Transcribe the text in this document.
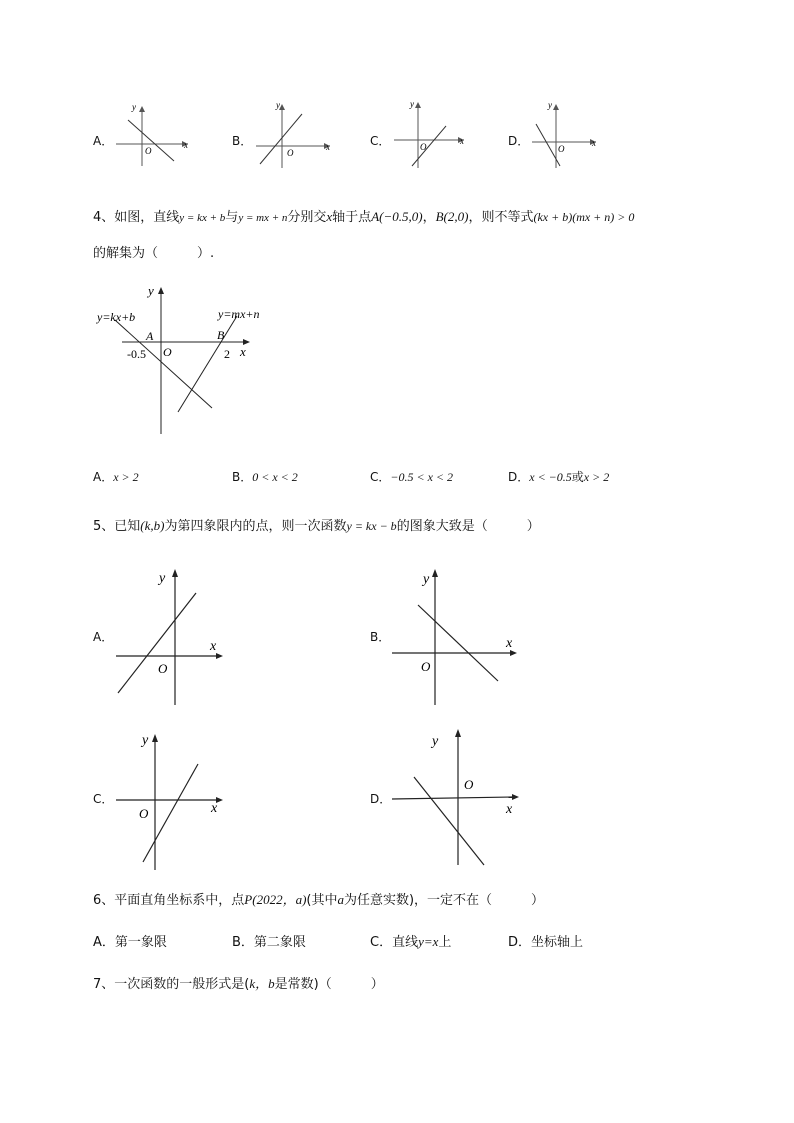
A．
y
x
O
B．
y
x
O
C．
y
x
O	D．
y
x
O
4、如图，直线y = kx + b与y = mx + n分别交x轴于点A(−0.5,0)，B(2,0)，则不等式(kx + b)(mx + n) > 0
的解集为（　　　）.
y
x
O
y=kx+b	y=mx+n
A	B
-0.5	2
A．x > 2	B．0 < x < 2	C．−0.5 < x < 2	D．x < −0.5或x > 2
5、已知(k,b)为第四象限内的点，则一次函数y = kx − b的图象大致是（　　　）
A．
y
x
O
B．
y
x
O
C．
y
x
O
D．
y
x
O
6、平面直角坐标系中，点P(2022，a)(其中a为任意实数)，一定不在（　　　）
A．第一象限	B．第二象限	C．直线y=x上	D．坐标轴上
7、一次函数的一般形式是(k，b是常数)（　　　）
